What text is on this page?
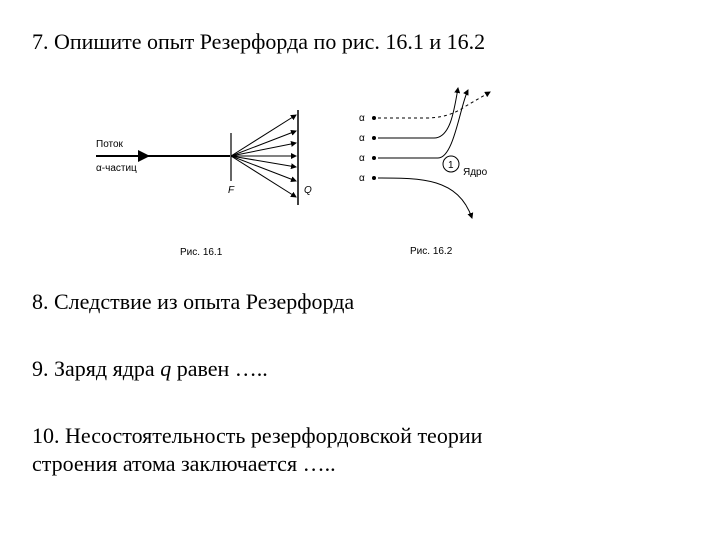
7. Опишите опыт Резерфорда по рис. 16.1 и 16.2
Поток
α-частиц
F	Q
Рис. 16.1
α
α
α
α
1
Ядро
Рис. 16.2
8. Следствие из опыта Резерфорда
9. Заряд ядра q равен …..
10. Несостоятельность резерфордовской теории
строения атома заключается …..
